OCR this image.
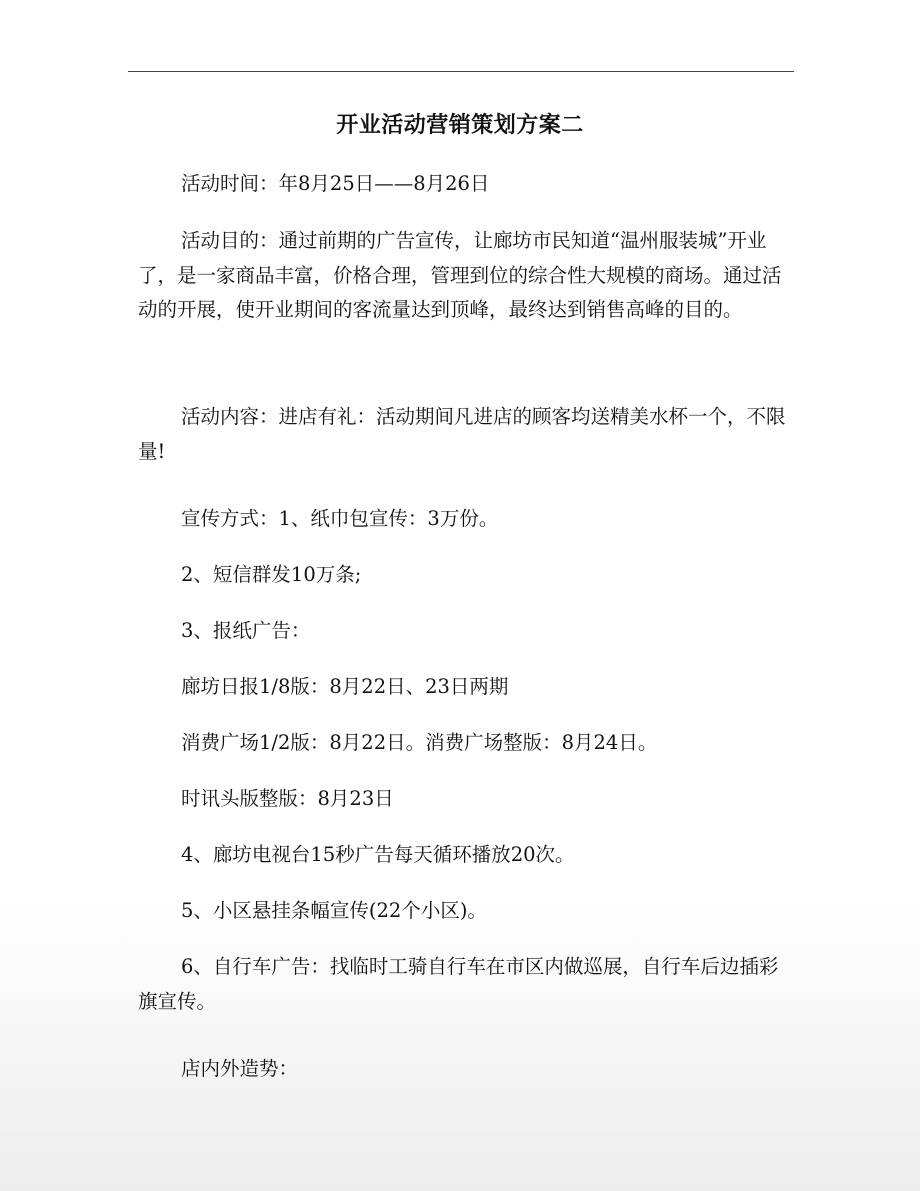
开业活动营销策划方案二

活动时间：年8月25日——8月26日

活动目的：通过前期的广告宣传，让廊坊市民知道“温州服装城”开业了，是一家商品丰富，价格合理，管理到位的综合性大规模的商场。通过活动的开展，使开业期间的客流量达到顶峰，最终达到销售高峰的目的。

活动内容：进店有礼：活动期间凡进店的顾客均送精美水杯一个，不限量!

宣传方式：1、纸巾包宣传：3万份。

2、短信群发10万条;

3、报纸广告：

廊坊日报1/8版：8月22日、23日两期

消费广场1/2版：8月22日。消费广场整版：8月24日。

时讯头版整版：8月23日

4、廊坊电视台15秒广告每天循环播放20次。

5、小区悬挂条幅宣传(22个小区)。

6、自行车广告：找临时工骑自行车在市区内做巡展，自行车后边插彩旗宣传。

店内外造势：
